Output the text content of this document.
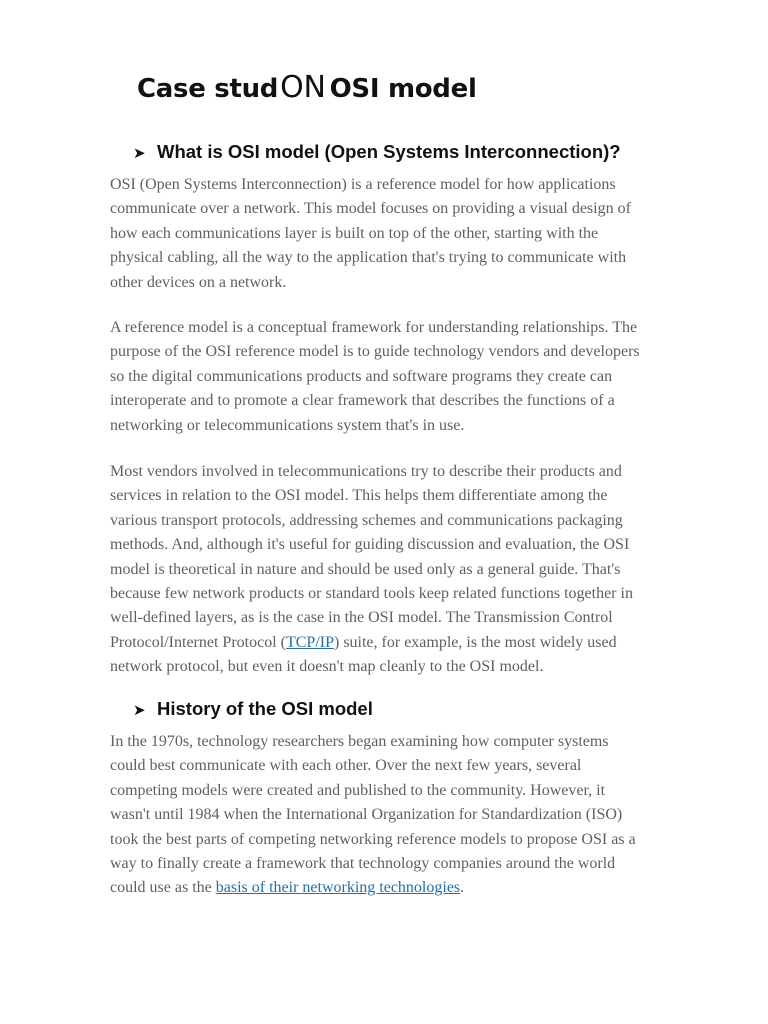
Case studON OSI model
➤ What is OSI model (Open Systems Interconnection)?

OSI (Open Systems Interconnection) is a reference model for how applications
communicate over a network. This model focuses on providing a visual design of
how each communications layer is built on top of the other, starting with the
physical cabling, all the way to the application that's trying to communicate with
other devices on a network.

A reference model is a conceptual framework for understanding relationships. The
purpose of the OSI reference model is to guide technology vendors and developers
so the digital communications products and software programs they create can
interoperate and to promote a clear framework that describes the functions of a
networking or telecommunications system that's in use.

Most vendors involved in telecommunications try to describe their products and
services in relation to the OSI model. This helps them differentiate among the
various transport protocols, addressing schemes and communications packaging
methods. And, although it's useful for guiding discussion and evaluation, the OSI
model is theoretical in nature and should be used only as a general guide. That's
because few network products or standard tools keep related functions together in
well-defined layers, as is the case in the OSI model. The Transmission Control
Protocol/Internet Protocol (TCP/IP) suite, for example, is the most widely used
network protocol, but even it doesn't map cleanly to the OSI model.

➤ History of the OSI model

In the 1970s, technology researchers began examining how computer systems
could best communicate with each other. Over the next few years, several
competing models were created and published to the community. However, it
wasn't until 1984 when the International Organization for Standardization (ISO)
took the best parts of competing networking reference models to propose OSI as a
way to finally create a framework that technology companies around the world
could use as the basis of their networking technologies.
